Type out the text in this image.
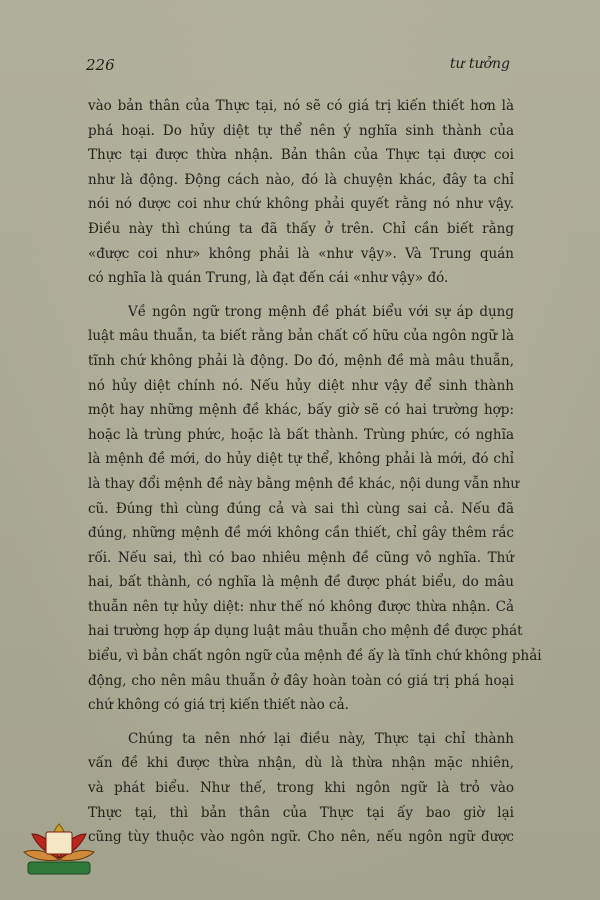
226	tư tưởng
vào bản thân của Thực tại, nó sẽ có giá trị kiến thiết hơn là
phá hoại. Do hủy diệt tự thể nên ý nghĩa sinh thành của
Thực tại được thừa nhận. Bản thân của Thực tại được coi
như là động. Động cách nào, đó là chuyện khác, đây ta chỉ
nói nó được coi như chứ không phải quyết rằng nó như vậy.
Điều này thì chúng ta đã thấy ở trên. Chỉ cần biết rằng
«được coi như» không phải là «như vậy». Và Trung quán
có nghĩa là quán Trung, là đạt đến cái «như vậy» đó.
Về ngôn ngữ trong mệnh đề phát biểu với sự áp dụng
luật mâu thuẫn, ta biết rằng bản chất cố hữu của ngôn ngữ là
tĩnh chứ không phải là động. Do đó, mệnh đề mà mâu thuẫn,
nó hủy diệt chính nó. Nếu hủy diệt như vậy để sinh thành
một hay những mệnh đề khác, bấy giờ sẽ có hai trường hợp:
hoặc là trùng phức, hoặc là bất thành. Trùng phức, có nghĩa
là mệnh đề mới, do hủy diệt tự thể, không phải là mới, đó chỉ
là thay đổi mệnh đề này bằng mệnh đề khác, nội dung vẫn như
cũ. Đúng thì cùng đúng cả và sai thì cùng sai cả. Nếu đã
đúng, những mệnh đề mới không cần thiết, chỉ gây thêm rắc
rối. Nếu sai, thì có bao nhiêu mệnh đề cũng vô nghĩa. Thứ
hai, bất thành, có nghĩa là mệnh đề được phát biểu, do mâu
thuẫn nên tự hủy diệt: như thế nó không được thừa nhận. Cả
hai trường hợp áp dụng luật mâu thuẫn cho mệnh đề được phát
biểu, vì bản chất ngôn ngữ của mệnh đề ấy là tĩnh chứ không phải
động, cho nên mâu thuẫn ở đây hoàn toàn có giá trị phá hoại
chứ không có giá trị kiến thiết nào cả.
Chúng ta nên nhớ lại điều này, Thực tại chỉ thành
vấn đề khi được thừa nhận, dù là thừa nhận mặc nhiên,
và phát biểu. Như thế, trong khi ngôn ngữ là trỏ vào
Thực tại, thì bản thân của Thực tại ấy bao giờ lại
cũng tùy thuộc vào ngôn ngữ. Cho nên, nếu ngôn ngữ được
